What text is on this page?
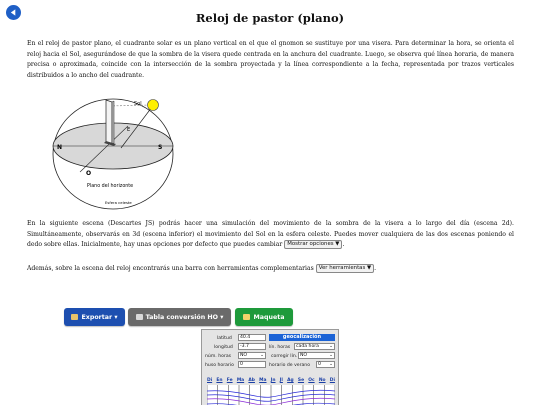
Reloj de pastor (plano)
En el reloj de pastor plano, el cuadrante solar es un plano vertical en el que el gnomon se sustituye por una visera. Para determinar la hora, se orienta el reloj hacia el Sol, asegurándose de que la sombra de la visera quede centrada en la anchura del cuadrante. Luego, se observa qué línea horaria, de manera precisa o aproximada, coincide con la intersección de la sombra proyectada y la línea correspondiente a la fecha, representada por trazos verticales distribuidos a lo ancho del cuadrante.
Sol
E
N	S
O
Plano del horizonte
Esfera celeste
En la siguiente escena (Descartes JS) podrás hacer una simulación del movimiento de la sombra de la visera a lo largo del día (escena 2d). Simultáneamente, observarás en 3d (escena inferior) el movimiento del Sol en la esfera celeste. Puedes mover cualquiera de las dos escenas poniendo el dedo sobre ellas. Inicialmente, hay unas opciones por defecto que puedes cambiar Mostrar opciones ▼ .
Además, sobre la escena del reloj encontrarás una barra con herramientas complementarias Ver herramientas ▼ .
Exportar ▾	Tabla conversión HO ▾	Maqueta
latitud	40.4	geocalización
longitud	-3.7	lín. horas	cada hora ⌄
núm. horas	NO	⌄ corregir lín. NO	⌄
huso horario	0	horario de verano	0 ⌄
Di En Fe Ma Ab Ma Jn Jl Ag Se Oc No Di
